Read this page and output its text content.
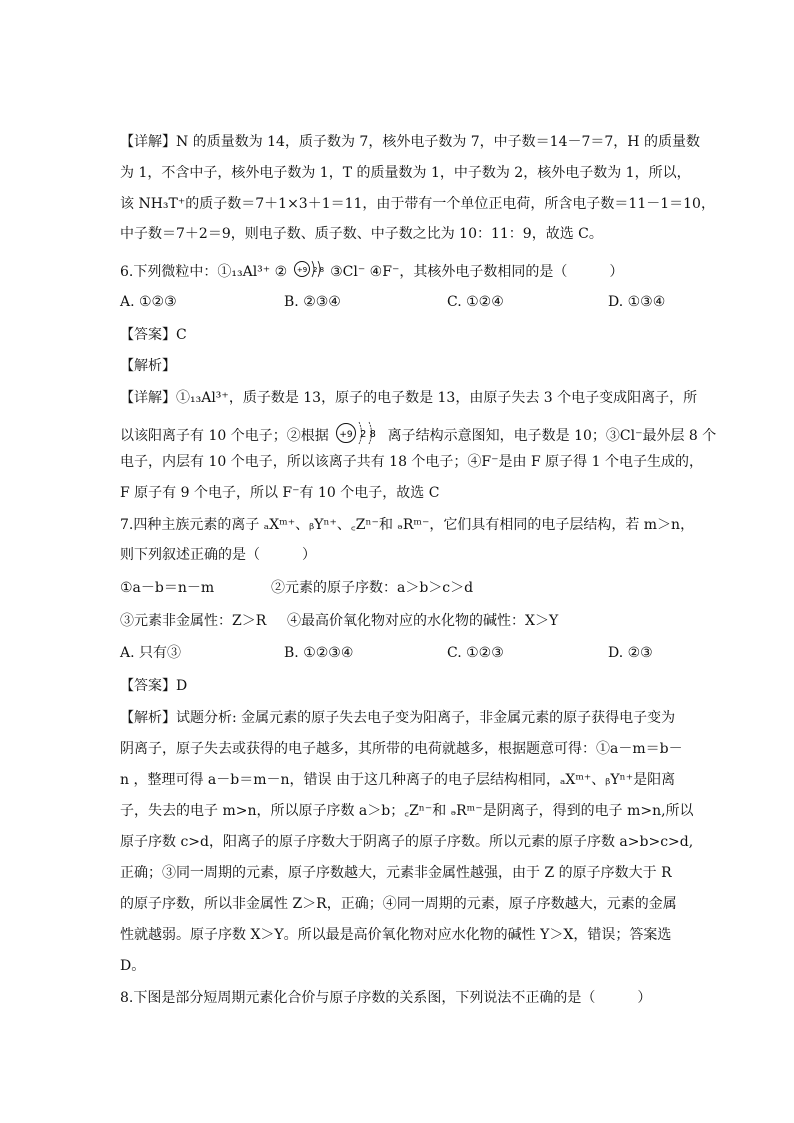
【详解】N 的质量数为 14，质子数为 7，核外电子数为 7，中子数＝14－7＝7，H 的质量数
为 1，不含中子，核外电子数为 1，T 的质量数为 1，中子数为 2，核外电子数为 1，所以，
该 NH₃T⁺的质子数＝7＋1×3＋1＝11，由于带有一个单位正电荷，所含电子数＝11－1＝10，
中子数＝7＋2＝9，则电子数、质子数、中子数之比为 10：11：9，故选 C。
6.下列微粒中：①₁₃Al³⁺ ② +9 2 8 ③Cl⁻ ④F⁻，其核外电子数相同的是（　　　）
A. ①②③	B. ②③④	C. ①②④	D. ①③④
【答案】C
【解析】
【详解】①₁₃Al³⁺，质子数是 13，原子的电子数是 13，由原子失去 3 个电子变成阳离子，所
以该阳离子有 10 个电子；②根据 +9 2 8 离子结构示意图知，电子数是 10；③Cl⁻最外层 8 个
电子，内层有 10 个电子，所以该离子共有 18 个电子；④F⁻是由 F 原子得 1 个电子生成的，
F 原子有 9 个电子，所以 F⁻有 10 个电子，故选 C
7.四种主族元素的离子 ₐXᵐ⁺、ᵦYⁿ⁺、꜀Zⁿ⁻和 ₔRᵐ⁻，它们具有相同的电子层结构，若 m＞n，
则下列叙述正确的是（　　　）
①a－b＝n－m	②元素的原子序数：a＞b＞c＞d
③元素非金属性：Z＞R ④最高价氧化物对应的水化物的碱性：X＞Y
A. 只有③	B. ①②③④	C. ①②③	D. ②③
【答案】D
【解析】试题分析: 金属元素的原子失去电子变为阳离子，非金属元素的原子获得电子变为
阴离子，原子失去或获得的电子越多，其所带的电荷就越多，根据题意可得：①a－m＝b－
n ，整理可得 a－b＝m－n，错误 由于这几种离子的电子层结构相同，ₐXᵐ⁺、ᵦYⁿ⁺是阳离
子，失去的电子 m>n，所以原子序数 a＞b；꜀Zⁿ⁻和 ₔRᵐ⁻是阴离子，得到的电子 m>n,所以
原子序数 c>d，阳离子的原子序数大于阴离子的原子序数。所以元素的原子序数 a>b>c>d,
正确；③同一周期的元素，原子序数越大，元素非金属性越强，由于 Z 的原子序数大于 R
的原子序数，所以非金属性 Z＞R，正确；④同一周期的元素，原子序数越大，元素的金属
性就越弱。原子序数 X＞Y。所以最是高价氧化物对应水化物的碱性 Y＞X，错误；答案选
D。
8.下图是部分短周期元素化合价与原子序数的关系图，下列说法不正确的是（　　　）
